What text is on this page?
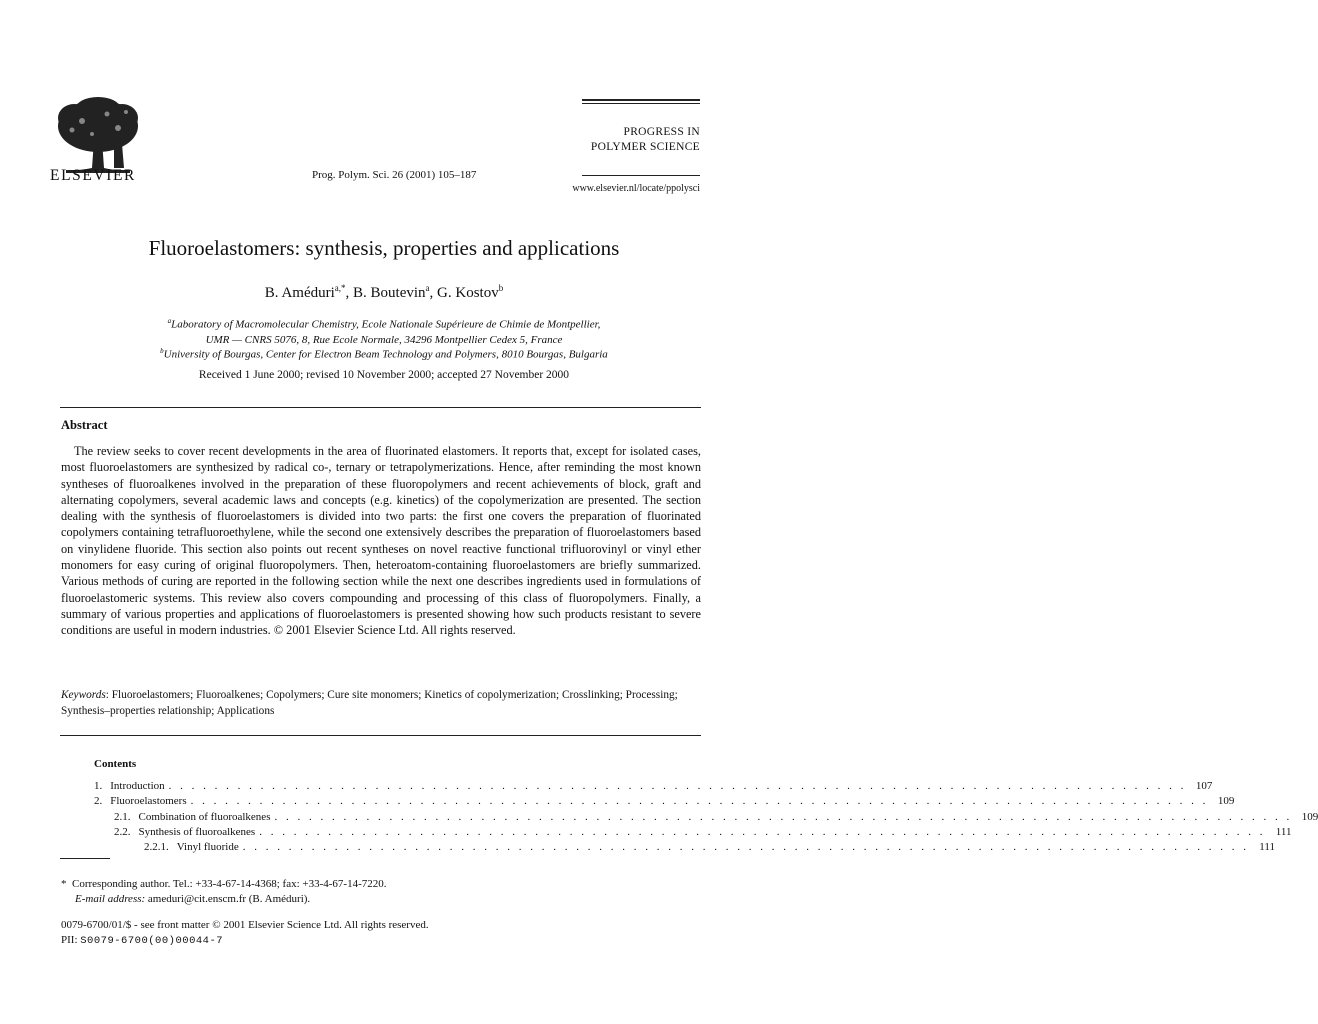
ELSEVIER	Prog. Polym. Sci. 26 (2001) 105–187
PROGRESS IN
POLYMER SCIENCE
www.elsevier.nl/locate/ppolysci
Fluoroelastomers: synthesis, properties and applications
B. Améduri$^{a,*}$, B. Boutevin$^a$, G. Kostov$^b$
$^a$Laboratory of Macromolecular Chemistry, Ecole Nationale Supérieure de Chimie de Montpellier,
UMR — CNRS 5076, 8, Rue Ecole Normale, 34296 Montpellier Cedex 5, France
$^b$University of Bourgas, Center for Electron Beam Technology and Polymers, 8010 Bourgas, Bulgaria
Received 1 June 2000; revised 10 November 2000; accepted 27 November 2000
Abstract
The review seeks to cover recent developments in the area of fluorinated elastomers. It reports that, except for isolated cases, most fluoroelastomers are synthesized by radical co-, ternary or tetrapolymerizations. Hence, after reminding the most known syntheses of fluoroalkenes involved in the preparation of these fluoropolymers and recent achievements of block, graft and alternating copolymers, several academic laws and concepts (e.g. kinetics) of the copolymerization are presented. The section dealing with the synthesis of fluoroelastomers is divided into two parts: the first one covers the preparation of fluorinated copolymers containing tetrafluoroethylene, while the second one extensively describes the preparation of fluoroelastomers based on vinylidene fluoride. This section also points out recent syntheses on novel reactive functional trifluorovinyl or vinyl ether monomers for easy curing of original fluoropolymers. Then, heteroatom-containing fluoroelastomers are briefly summarized. Various methods of curing are reported in the following section while the next one describes ingredients used in formulations of fluoroelastomeric systems. This review also covers compounding and processing of this class of fluoropolymers. Finally, a summary of various properties and applications of fluoroelastomers is presented showing how such products resistant to severe conditions are useful in modern industries. © 2001 Elsevier Science Ltd. All rights reserved.
Keywords: Fluoroelastomers; Fluoroalkenes; Copolymers; Cure site monomers; Kinetics of copolymerization; Crosslinking; Processing; Synthesis–properties relationship; Applications
Contents
1. Introduction . . . . . . . . . . . . . . . . . . . . . . . . . . . . . . . . . . . . . . . . . . . . . . . . . . . . . . . . . . . . . . . . . . . . . . . . . . . . . . . . . . . . . . . . . 107
2. Fluoroelastomers . . . . . . . . . . . . . . . . . . . . . . . . . . . . . . . . . . . . . . . . . . . . . . . . . . . . . . . . . . . . . . . . . . . . . . . . . . . . . . . . . . . . . . . . . 109
2.1. Combination of fluoroalkenes . . . . . . . . . . . . . . . . . . . . . . . . . . . . . . . . . . . . . . . . . . . . . . . . . . . . . . . . . . . . . . . . . . . . . . . . . . . . . . . . . . . . . . . . . 109
2.2. Synthesis of fluoroalkenes . . . . . . . . . . . . . . . . . . . . . . . . . . . . . . . . . . . . . . . . . . . . . . . . . . . . . . . . . . . . . . . . . . . . . . . . . . . . . . . . . . . . . . . . 111
2.2.1. Vinyl fluoride . . . . . . . . . . . . . . . . . . . . . . . . . . . . . . . . . . . . . . . . . . . . . . . . . . . . . . . . . . . . . . . . . . . . . . . . . . . . . . . . . . . . . . . . 111
* Corresponding author. Tel.: +33-4-67-14-4368; fax: +33-4-67-14-7220.
E-mail address: ameduri@cit.enscm.fr (B. Améduri).
0079-6700/01/$ - see front matter © 2001 Elsevier Science Ltd. All rights reserved.
PII: S0079-6700(00)00044-7
